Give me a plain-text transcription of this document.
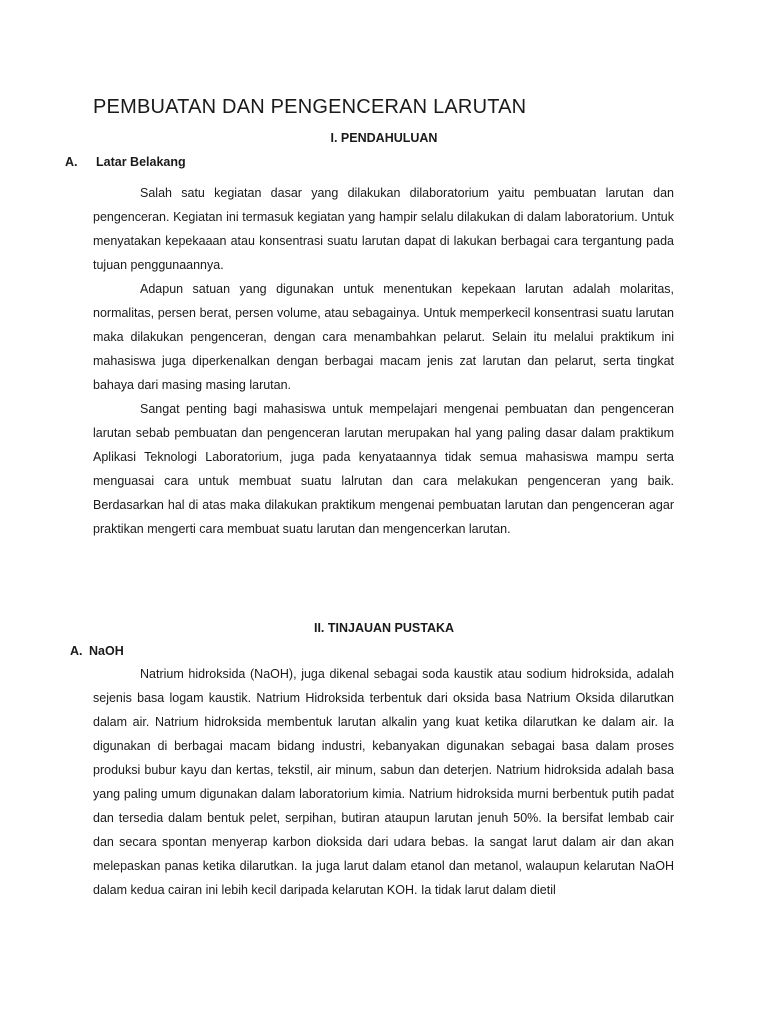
PEMBUATAN DAN PENGENCERAN LARUTAN
I. PENDAHULUAN
A. Latar Belakang

Salah satu kegiatan dasar yang dilakukan dilaboratorium yaitu pembuatan larutan dan pengenceran. Kegiatan ini termasuk kegiatan yang hampir selalu dilakukan di dalam laboratorium. Untuk menyatakan kepekaaan atau konsentrasi suatu larutan dapat di lakukan berbagai cara tergantung pada tujuan penggunaannya.

Adapun satuan yang digunakan untuk menentukan kepekaan larutan adalah molaritas, normalitas, persen berat, persen volume, atau sebagainya. Untuk memperkecil konsentrasi suatu larutan maka dilakukan pengenceran, dengan cara menambahkan pelarut. Selain itu melalui praktikum ini mahasiswa juga diperkenalkan dengan berbagai macam jenis zat larutan dan pelarut, serta tingkat bahaya dari masing masing larutan.

Sangat penting bagi mahasiswa untuk mempelajari mengenai pembuatan dan pengenceran larutan sebab pembuatan dan pengenceran larutan merupakan hal yang paling dasar dalam praktikum Aplikasi Teknologi Laboratorium, juga pada kenyataannya tidak semua mahasiswa mampu serta menguasai cara untuk membuat suatu lalrutan dan cara melakukan pengenceran yang baik. Berdasarkan hal di atas maka dilakukan praktikum mengenai pembuatan larutan dan pengenceran agar praktikan mengerti cara membuat suatu larutan dan mengencerkan larutan.

II. TINJAUAN PUSTAKA
A. NaOH

Natrium hidroksida (NaOH), juga dikenal sebagai soda kaustik atau sodium hidroksida, adalah sejenis basa logam kaustik. Natrium Hidroksida terbentuk dari oksida basa Natrium Oksida dilarutkan dalam air. Natrium hidroksida membentuk larutan alkalin yang kuat ketika dilarutkan ke dalam air. Ia digunakan di berbagai macam bidang industri, kebanyakan digunakan sebagai basa dalam proses produksi bubur kayu dan kertas, tekstil, air minum, sabun dan deterjen. Natrium hidroksida adalah basa yang paling umum digunakan dalam laboratorium kimia. Natrium hidroksida murni berbentuk putih padat dan tersedia dalam bentuk pelet, serpihan, butiran ataupun larutan jenuh 50%. Ia bersifat lembab cair dan secara spontan menyerap karbon dioksida dari udara bebas. Ia sangat larut dalam air dan akan melepaskan panas ketika dilarutkan. Ia juga larut dalam etanol dan metanol, walaupun kelarutan NaOH dalam kedua cairan ini lebih kecil daripada kelarutan KOH. Ia tidak larut dalam dietil
